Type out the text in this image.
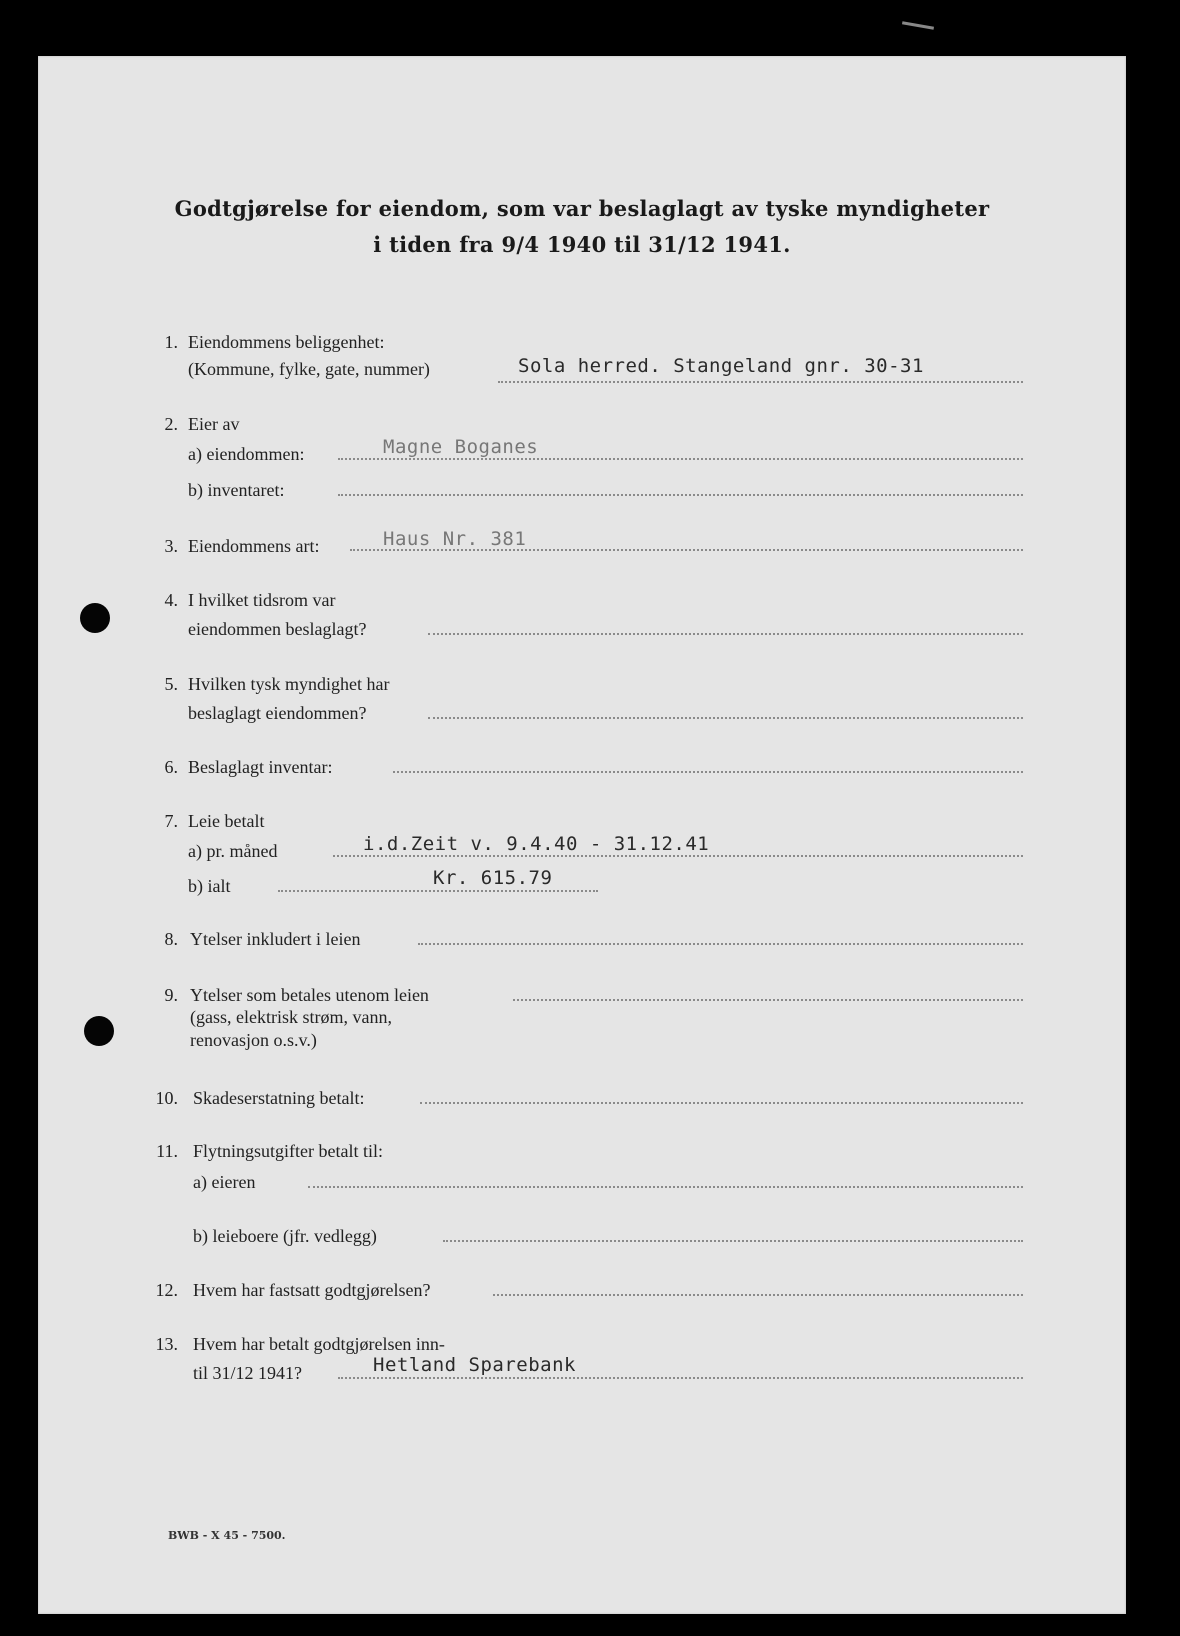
Godtgjørelse for eiendom, som var beslaglagt av tyske myndigheter
i tiden fra 9/4 1940 til 31/12 1941.
1. Eiendommens beliggenhet:
(Kommune, fylke, gate, nummer)	Sola herred. Stangeland gnr. 30-31
2. Eier av
a) eiendommen:	Magne Boganes
b) inventaret:
3. Eiendommens art:	Haus Nr. 381
4. I hvilket tidsrom var
eiendommen beslaglagt?
5. Hvilken tysk myndighet har
beslaglagt eiendommen?
6. Beslaglagt inventar:
7. Leie betalt
a) pr. måned	i.d.Zeit v. 9.4.40 - 31.12.41
b) ialt	Kr. 615.79
8. Ytelser inkludert i leien
9. Ytelser som betales utenom leien
(gass, elektrisk strøm, vann,
renovasjon o.s.v.)
10. Skadeserstatning betalt:
11. Flytningsutgifter betalt til:
a) eieren
b) leieboere (jfr. vedlegg)
12. Hvem har fastsatt godtgjørelsen?
13. Hvem har betalt godtgjørelsen inn-
til 31/12 1941?	Hetland Sparebank
BWB - X 45 - 7500.
